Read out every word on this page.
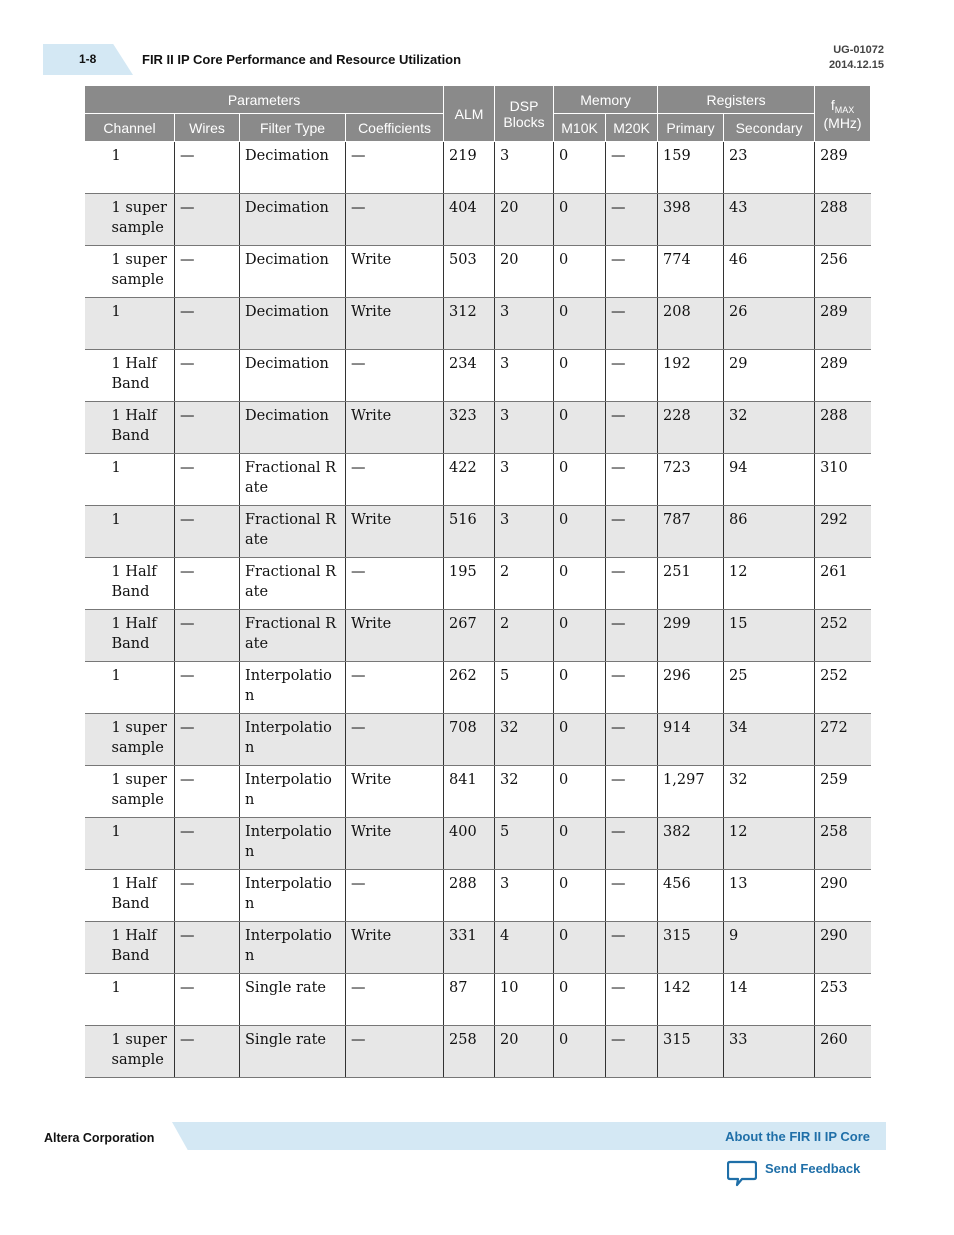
1-8	FIR II IP Core Performance and Resource Utilization
UG-01072
2014.12.15
Parameters				ALM	DSP Blocks	Memory		Registers		$f_{MAX}$
(MHz)
Channel	Wires	Filter Type	Coefficients			M10K	M20K	Primary	Secondary	
1	—	Decimation	—	219	3	0	—	159	23	289
1 super sample	—	Decimation	—	404	20	0	—	398	43	288
1 super sample	—	Decimation	Write	503	20	0	—	774	46	256
1	—	Decimation	Write	312	3	0	—	208	26	289
1 Half Band	—	Decimation	—	234	3	0	—	192	29	289
1 Half Band	—	Decimation	Write	323	3	0	—	228	32	288
1	—	Fractional Rate	—	422	3	0	—	723	94	310
1	—	Fractional Rate	Write	516	3	0	—	787	86	292
1 Half Band	—	Fractional Rate	—	195	2	0	—	251	12	261
1 Half Band	—	Fractional Rate	Write	267	2	0	—	299	15	252
1	—	Interpolation	—	262	5	0	—	296	25	252
1 super sample	—	Interpolation	—	708	32	0	—	914	34	272
1 super sample	—	Interpolation	Write	841	32	0	—	1,297	32	259
1	—	Interpolation	Write	400	5	0	—	382	12	258
1 Half Band	—	Interpolation	—	288	3	0	—	456	13	290
1 Half Band	—	Interpolation	Write	331	4	0	—	315	9	290
1	—	Single rate	—	87	10	0	—	142	14	253
1 super sample	—	Single rate	—	258	20	0	—	315	33	260
Altera Corporation	About the FIR II IP Core
Send Feedback
